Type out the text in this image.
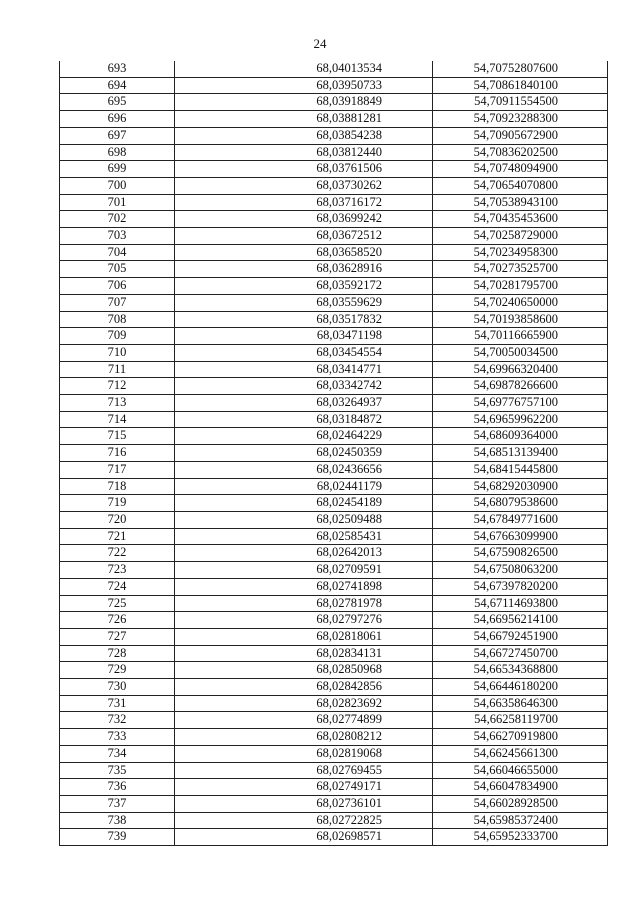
24
693	68,04013534	54,70752807600
694	68,03950733	54,70861840100
695	68,03918849	54,70911554500
696	68,03881281	54,70923288300
697	68,03854238	54,70905672900
698	68,03812440	54,70836202500
699	68,03761506	54,70748094900
700	68,03730262	54,70654070800
701	68,03716172	54,70538943100
702	68,03699242	54,70435453600
703	68,03672512	54,70258729000
704	68,03658520	54,70234958300
705	68,03628916	54,70273525700
706	68,03592172	54,70281795700
707	68,03559629	54,70240650000
708	68,03517832	54,70193858600
709	68,03471198	54,70116665900
710	68,03454554	54,70050034500
711	68,03414771	54,69966320400
712	68,03342742	54,69878266600
713	68,03264937	54,69776757100
714	68,03184872	54,69659962200
715	68,02464229	54,68609364000
716	68,02450359	54,68513139400
717	68,02436656	54,68415445800
718	68,02441179	54,68292030900
719	68,02454189	54,68079538600
720	68,02509488	54,67849771600
721	68,02585431	54,67663099900
722	68,02642013	54,67590826500
723	68,02709591	54,67508063200
724	68,02741898	54,67397820200
725	68,02781978	54,67114693800
726	68,02797276	54,66956214100
727	68,02818061	54,66792451900
728	68,02834131	54,66727450700
729	68,02850968	54,66534368800
730	68,02842856	54,66446180200
731	68,02823692	54,66358646300
732	68,02774899	54,66258119700
733	68,02808212	54,66270919800
734	68,02819068	54,66245661300
735	68,02769455	54,66046655000
736	68,02749171	54,66047834900
737	68,02736101	54,66028928500
738	68,02722825	54,65985372400
739	68,02698571	54,65952333700
